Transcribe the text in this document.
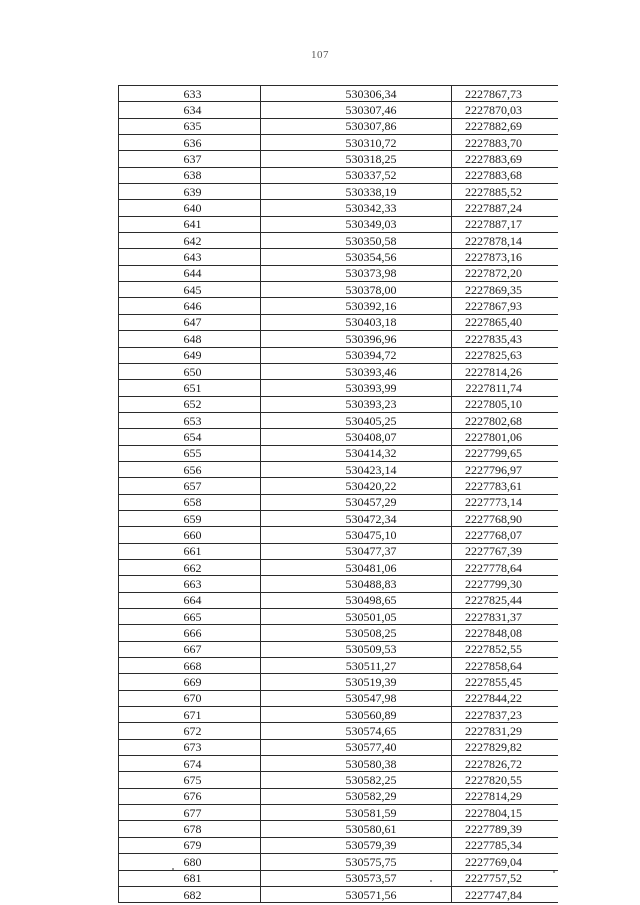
107
633	530306,34	2227867,73
634	530307,46	2227870,03
635	530307,86	2227882,69
636	530310,72	2227883,70
637	530318,25	2227883,69
638	530337,52	2227883,68
639	530338,19	2227885,52
640	530342,33	2227887,24
641	530349,03	2227887,17
642	530350,58	2227878,14
643	530354,56	2227873,16
644	530373,98	2227872,20
645	530378,00	2227869,35
646	530392,16	2227867,93
647	530403,18	2227865,40
648	530396,96	2227835,43
649	530394,72	2227825,63
650	530393,46	2227814,26
651	530393,99	2227811,74
652	530393,23	2227805,10
653	530405,25	2227802,68
654	530408,07	2227801,06
655	530414,32	2227799,65
656	530423,14	2227796,97
657	530420,22	2227783,61
658	530457,29	2227773,14
659	530472,34	2227768,90
660	530475,10	2227768,07
661	530477,37	2227767,39
662	530481,06	2227778,64
663	530488,83	2227799,30
664	530498,65	2227825,44
665	530501,05	2227831,37
666	530508,25	2227848,08
667	530509,53	2227852,55
668	530511,27	2227858,64
669	530519,39	2227855,45
670	530547,98	2227844,22
671	530560,89	2227837,23
672	530574,65	2227831,29
673	530577,40	2227829,82
674	530580,38	2227826,72
675	530582,25	2227820,55
676	530582,29	2227814,29
677	530581,59	2227804,15
678	530580,61	2227789,39
679	530579,39	2227785,34
680	530575,75	2227769,04
681	530573,57	2227757,52
682	530571,56	2227747,84
